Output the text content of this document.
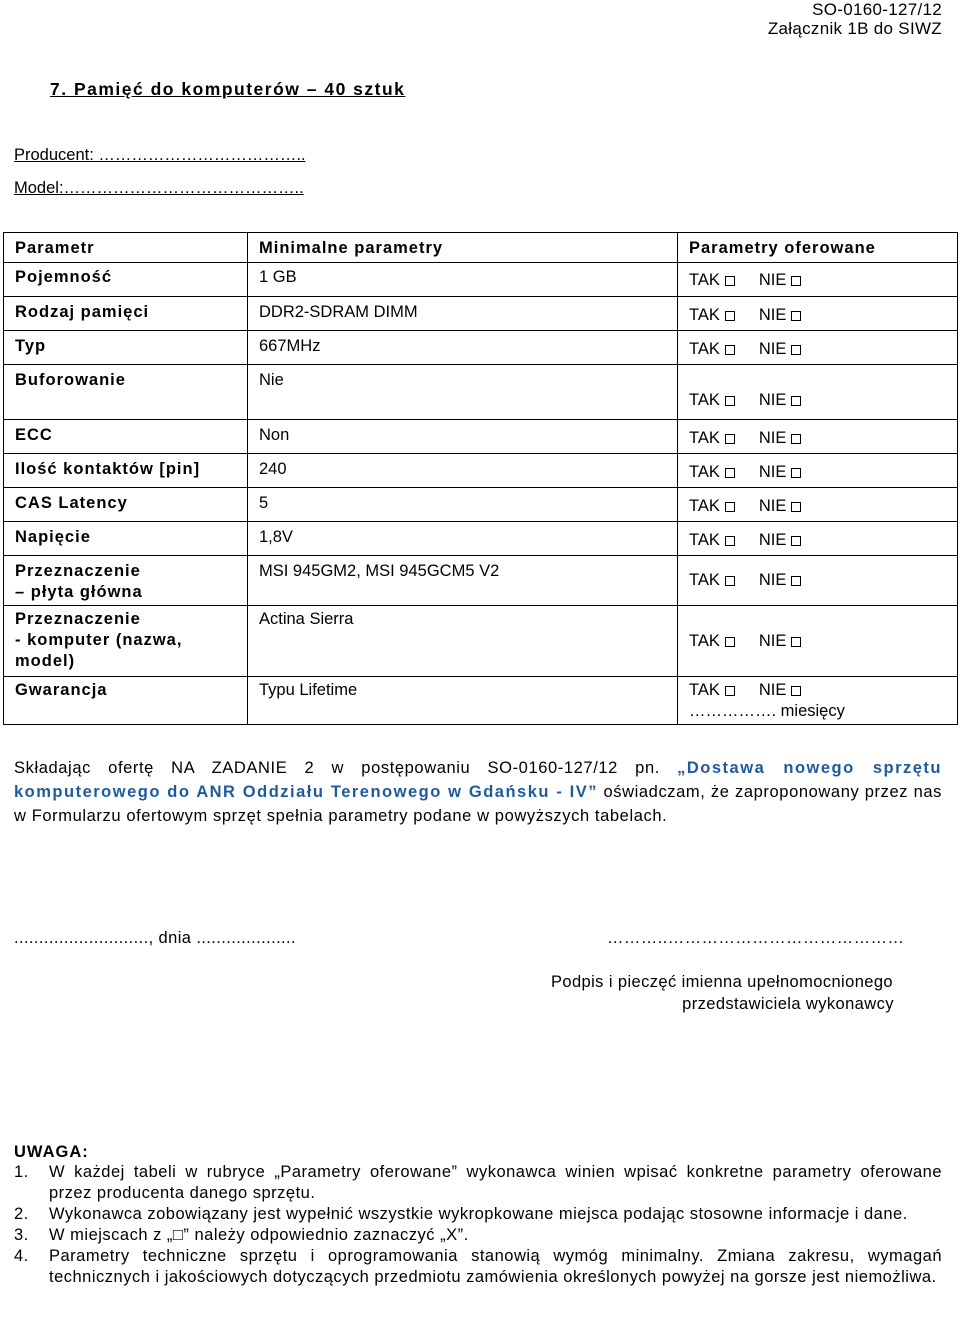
SO-0160-127/12
Załącznik 1B do SIWZ
7. Pamięć do komputerów – 40 sztuk
Producent: ………………………………..
Model:……………………………………..
Parametr	Minimalne parametry	Parametry oferowane
Pojemność	1 GB	TAK NIE
Rodzaj pamięci	DDR2-SDRAM DIMM	TAK NIE
Typ	667MHz	TAK NIE
Buforowanie	Nie	TAK NIE
ECC	Non	TAK NIE
Ilość kontaktów [pin]	240	TAK NIE
CAS Latency	5	TAK NIE
Napięcie	1,8V	TAK NIE

Przeznaczenie
– płyta główna	MSI 945GM2, MSI 945GCM5 V2	TAK NIE

Przeznaczenie
- komputer (nazwa,
model)	Actina Sierra	TAK NIE
Gwarancja	Typu Lifetime	TAK NIE
……………. miesięcy
Składając ofertę NA ZADANIE 2 w postępowaniu SO-0160-127/12 pn. „Dostawa nowego sprzętu komputerowego do ANR Oddziału Terenowego w Gdańsku - IV” oświadczam, że zaproponowany przez nas w Formularzu ofertowym sprzęt spełnia parametry podane w powyższych tabelach.
..........................., dnia ....................	………..……………………………………
Podpis i pieczęć imienna upełnomocnionego
przedstawiciela wykonawcy
UWAGA:
1. W każdej tabeli w rubryce „Parametry oferowane” wykonawca winien wpisać konkretne parametry oferowane przez producenta danego sprzętu.
2. Wykonawca zobowiązany jest wypełnić wszystkie wykropkowane miejsca podając stosowne informacje i dane.
3. W miejscach z „□” należy odpowiednio zaznaczyć „X”.
4. Parametry techniczne sprzętu i oprogramowania stanowią wymóg minimalny. Zmiana zakresu, wymagań technicznych i jakościowych dotyczących przedmiotu zamówienia określonych powyżej na gorsze jest niemożliwa.
